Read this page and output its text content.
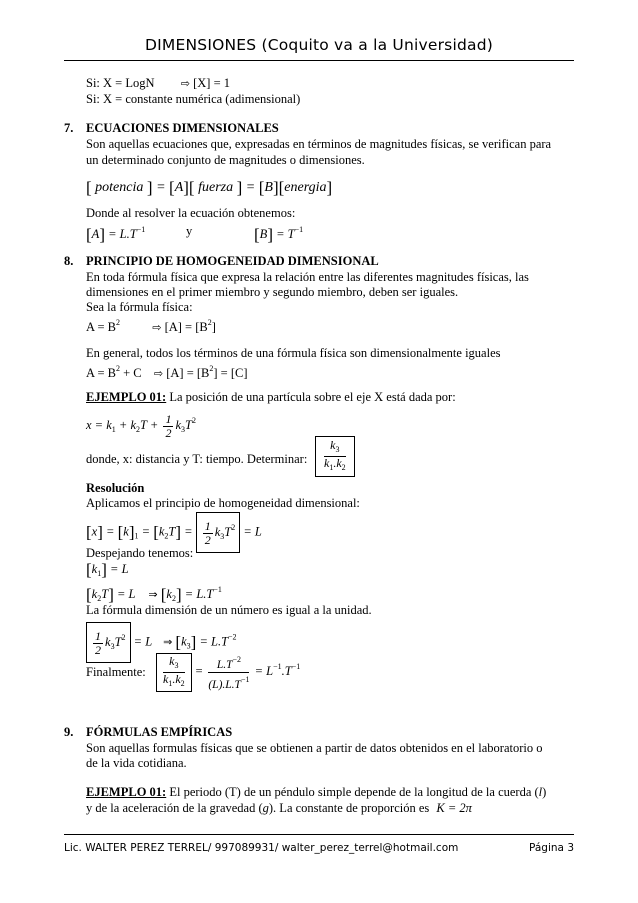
DIMENSIONES (Coquito va a la Universidad)
Si: X = LogN ⇨ [X] = 1
Si: X = constante numérica (adimensional)
7. ECUACIONES DIMENSIONALES
Son aquellas ecuaciones que, expresadas en términos de magnitudes físicas, se verifican para
un determinado conjunto de magnitudes o dimensiones.
[ potencia ] = [A][ fuerza ] = [B][energia]
Donde al resolver la ecuación obtenemos:
$[A] = L.T^{-1}$	y	$[B] = T^{-1}$
8. PRINCIPIO DE HOMOGENEIDAD DIMENSIONAL
En toda fórmula física que expresa la relación entre las diferentes magnitudes físicas, las
dimensiones en el primer miembro y segundo miembro, deben ser iguales.
Sea la fórmula física:
$A = B^2$	⇨ $[A] = [B^2]$
En general, todos los términos de una fórmula física son dimensionalmente iguales
$A = B^2 + C$ ⇨ $[A] = [B^2] = [C]$
EJEMPLO 01: La posición de una partícula sobre el eje X está dada por:
$x = k_1 + k_2T + \frac{1}{2} k_3T^2$
donde, x: distancia y T: tiempo. Determinar: $\frac{k_3}{k_1.k_2}$
Resolución
Aplicamos el principio de homogeneidad dimensional:
$[x] = [k]_1 = [k_2T] = \frac{1}{2} k_3T^2 = L$
Despejando tenemos:
$[k_1] = L$
$[k_2T] = L$ ⇒ $[k_2] = L.T^{-1}$
La fórmula dimensión de un número es igual a la unidad.
$\frac{1}{2} k_3T^2 = L$ ⇒ $[k_3] = L.T^{-2}$
Finalmente: $\frac{k_3}{k_1.k_2} = \frac{L.T^{-2}}{(L).L.T^{-1}} = L^{-1}.T^{-1}$
9. FÓRMULAS EMPÍRICAS
Son aquellas formulas físicas que se obtienen a partir de datos obtenidos en el laboratorio o
de la vida cotidiana.
EJEMPLO 01: El periodo (T) de un péndulo simple depende de la longitud de la cuerda (l)
y de la aceleración de la gravedad (g). La constante de proporción es K = 2π
Lic. WALTER PEREZ TERREL/ 997089931/ walter_perez_terrel@hotmail.com	Página 3
